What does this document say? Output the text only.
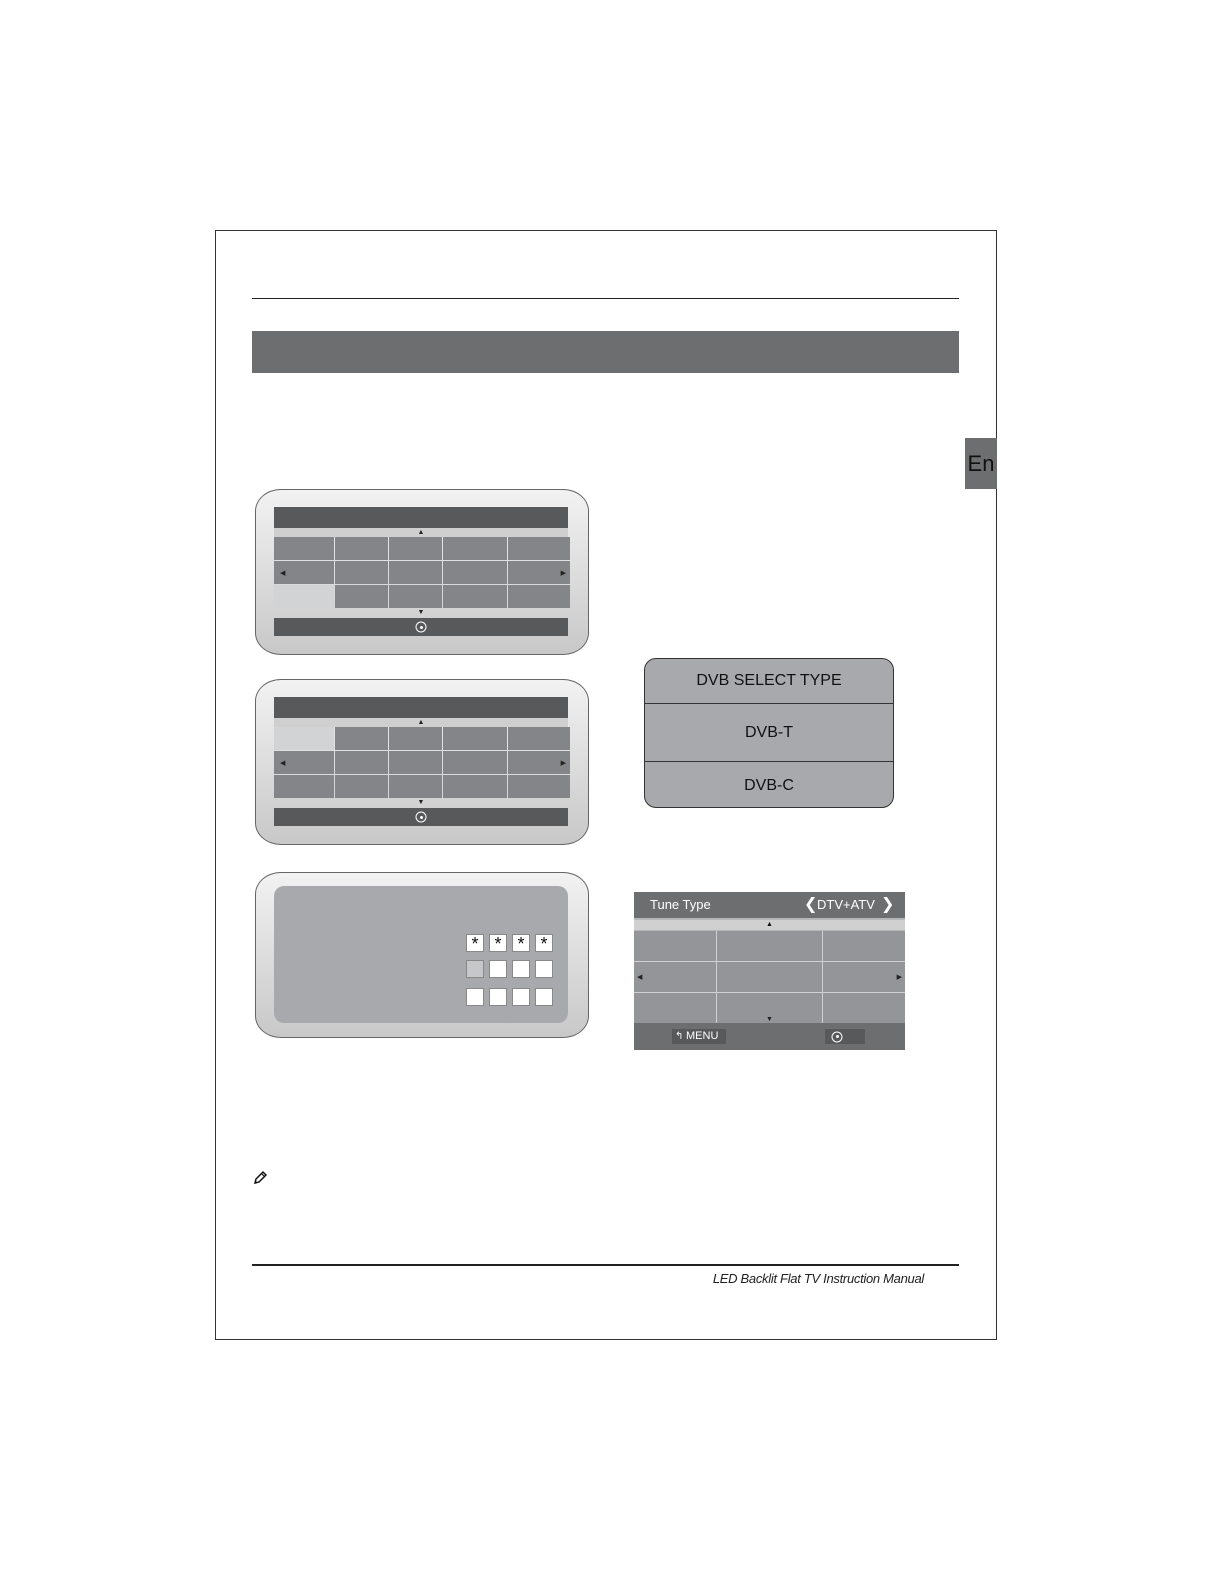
En
▲
◀	▶
▼
▲
◀	▶
▼
* * * *
DVB SELECT TYPE
DVB-T
DVB-C
Tune Type	❮ DTV+ATV ❯
▲
◀	▶
▼
↰ MENU
LED Backlit Flat TV Instruction Manual
